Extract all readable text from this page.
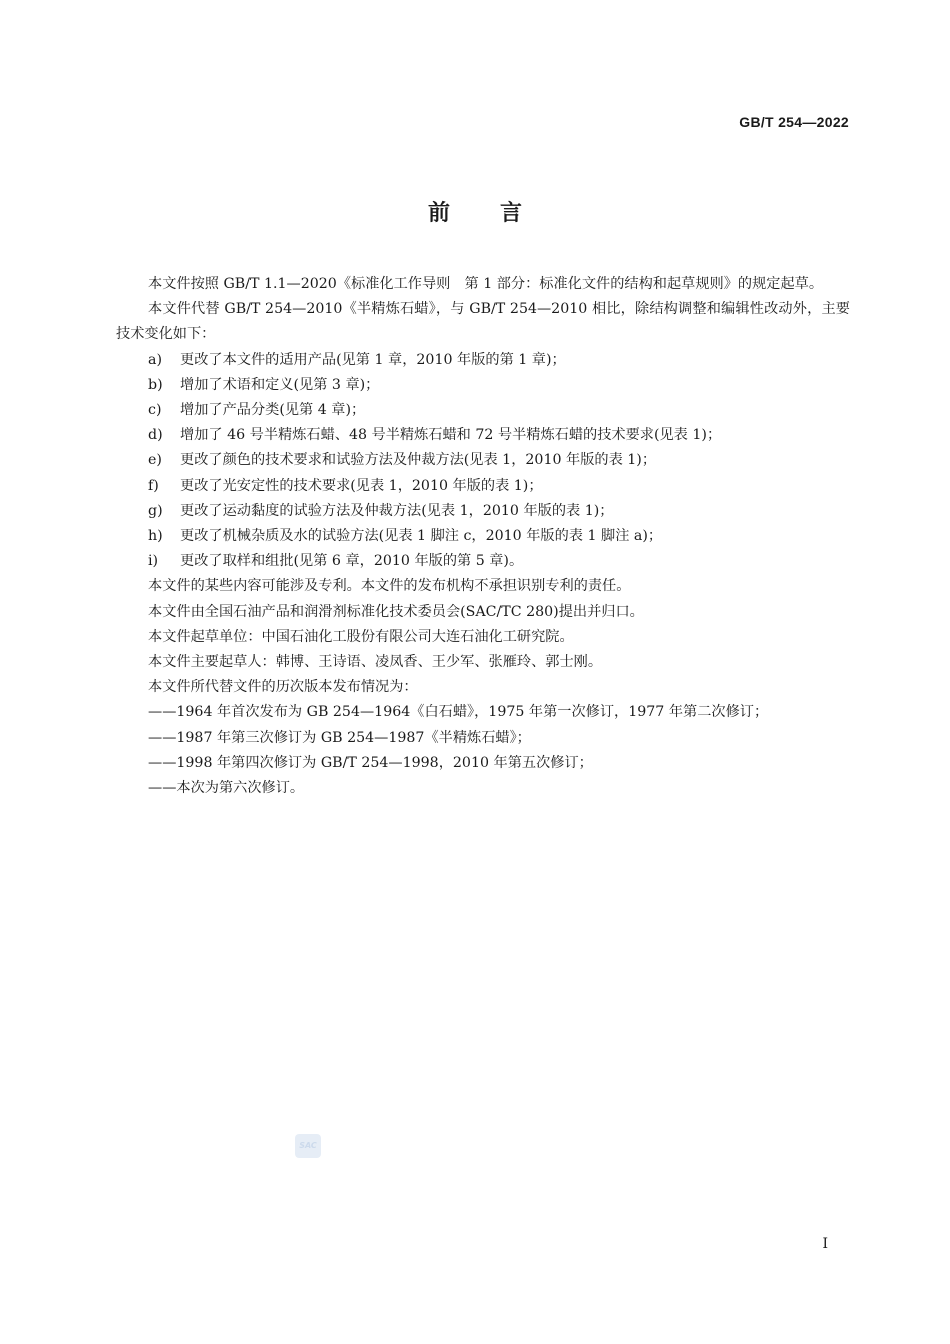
GB/T 254—2022
前言

本文件按照 GB/T 1.1—2020《标准化工作导则　第 1 部分：标准化文件的结构和起草规则》的规定起草。

本文件代替 GB/T 254—2010《半精炼石蜡》，与 GB/T 254—2010 相比，除结构调整和编辑性改动外，主要技术变化如下：

a)	更改了本文件的适用产品(见第 1 章，2010 年版的第 1 章)；
b)	增加了术语和定义(见第 3 章)；
c)	增加了产品分类(见第 4 章)；
d)	增加了 46 号半精炼石蜡、48 号半精炼石蜡和 72 号半精炼石蜡的技术要求(见表 1)；
e)	更改了颜色的技术要求和试验方法及仲裁方法(见表 1，2010 年版的表 1)；
f)	更改了光安定性的技术要求(见表 1，2010 年版的表 1)；
g)	更改了运动黏度的试验方法及仲裁方法(见表 1，2010 年版的表 1)；
h)	更改了机械杂质及水的试验方法(见表 1 脚注 c，2010 年版的表 1 脚注 a)；
i)	更改了取样和组批(见第 6 章，2010 年版的第 5 章)。

本文件的某些内容可能涉及专利。本文件的发布机构不承担识别专利的责任。

本文件由全国石油产品和润滑剂标准化技术委员会(SAC/TC 280)提出并归口。

本文件起草单位：中国石油化工股份有限公司大连石油化工研究院。

本文件主要起草人：韩博、王诗语、凌凤香、王少军、张雁玲、郭士刚。

本文件所代替文件的历次版本发布情况为：

——1964 年首次发布为 GB 254—1964《白石蜡》，1975 年第一次修订，1977 年第二次修订；

——1987 年第三次修订为 GB 254—1987《半精炼石蜡》；

——1998 年第四次修订为 GB/T 254—1998，2010 年第五次修订；

——本次为第六次修订。

SAC
I
